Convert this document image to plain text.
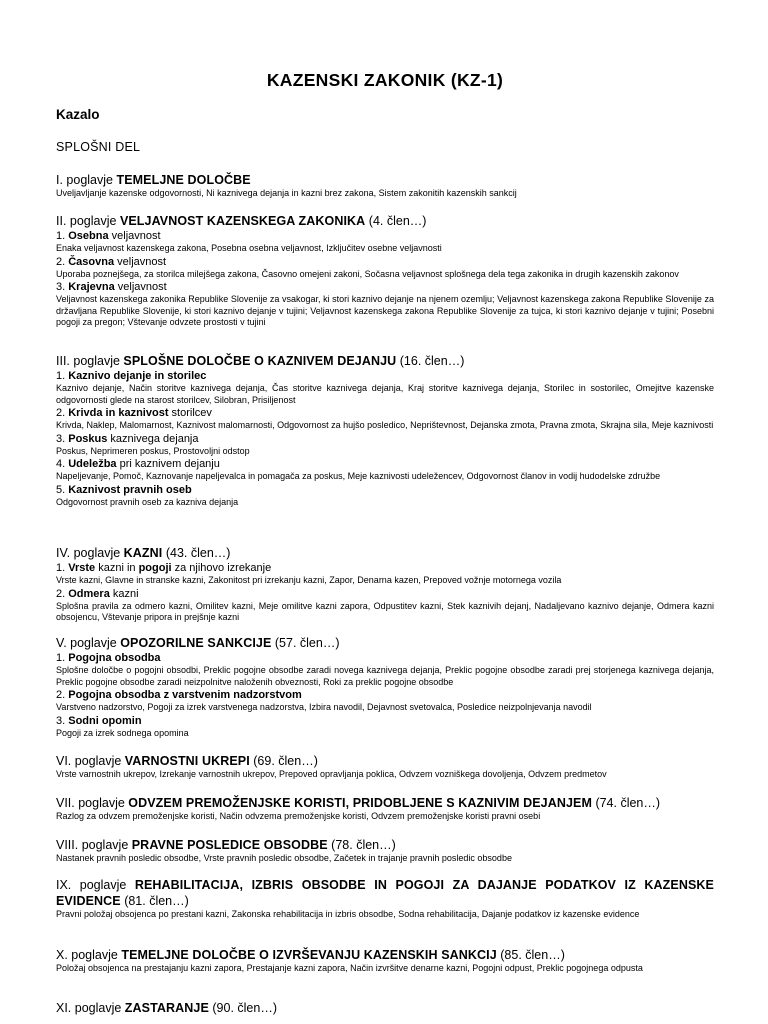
KAZENSKI ZAKONIK (KZ-1)
Kazalo
SPLOŠNI DEL
I. poglavje TEMELJNE DOLOČBE
Uveljavljanje kazenske odgovornosti, Ni kaznivega dejanja in kazni brez zakona, Sistem zakonitih kazenskih sankcij
II. poglavje VELJAVNOST KAZENSKEGA ZAKONIKA (4. člen…)
1. Osebna veljavnost
Enaka veljavnost kazenskega zakona, Posebna osebna veljavnost, Izključitev osebne veljavnosti
2. Časovna veljavnost
Uporaba poznejšega, za storilca milejšega zakona, Časovno omejeni zakoni, Sočasna veljavnost splošnega dela tega zakonika in drugih kazenskih zakonov
3. Krajevna veljavnost
Veljavnost kazenskega zakonika Republike Slovenije za vsakogar, ki stori kaznivo dejanje na njenem ozemlju; Veljavnost kazenskega zakona Republike Slovenije za državljana Republike Slovenije, ki stori kaznivo dejanje v tujini; Veljavnost kazenskega zakona Republike Slovenije za tujca, ki stori kaznivo dejanje v tujini; Posebni pogoji za pregon; Vštevanje odvzete prostosti v tujini
III. poglavje SPLOŠNE DOLOČBE O KAZNIVEM DEJANJU (16. člen…)
1. Kaznivo dejanje in storilec
Kaznivo dejanje, Način storitve kaznivega dejanja, Čas storitve kaznivega dejanja, Kraj storitve kaznivega dejanja, Storilec in sostorilec, Omejitve kazenske odgovornosti glede na starost storilcev, Silobran, Prisiljenost
2. Krivda in kaznivost storilcev
Krivda, Naklep, Malomarnost, Kaznivost malomarnosti, Odgovornost za hujšo posledico, Neprištevnost, Dejanska zmota, Pravna zmota, Skrajna sila, Meje kaznivosti
3. Poskus kaznivega dejanja
Poskus, Neprimeren poskus, Prostovoljni odstop
4. Udeležba pri kaznivem dejanju
Napeljevanje, Pomoč, Kaznovanje napeljevalca in pomagača za poskus, Meje kaznivosti udeležencev, Odgovornost članov in vodij hudodelske združbe
5. Kaznivost pravnih oseb
Odgovornost pravnih oseb za kazniva dejanja
IV. poglavje KAZNI (43. člen…)
1. Vrste kazni in pogoji za njihovo izrekanje
Vrste kazni, Glavne in stranske kazni, Zakonitost pri izrekanju kazni, Zapor, Denarna kazen, Prepoved vožnje motornega vozila
2. Odmera kazni
Splošna pravila za odmero kazni, Omilitev kazni, Meje omilitve kazni zapora, Odpustitev kazni, Stek kaznivih dejanj, Nadaljevano kaznivo dejanje, Odmera kazni obsojencu, Vštevanje pripora in prejšnje kazni
V. poglavje OPOZORILNE SANKCIJE (57. člen…)
1. Pogojna obsodba
Splošne določbe o pogojni obsodbi, Preklic pogojne obsodbe zaradi novega kaznivega dejanja, Preklic pogojne obsodbe zaradi prej storjenega kaznivega dejanja, Preklic pogojne obsodbe zaradi neizpolnitve naloženih obveznosti, Roki za preklic pogojne obsodbe
2. Pogojna obsodba z varstvenim nadzorstvom
Varstveno nadzorstvo, Pogoji za izrek varstvenega nadzorstva, Izbira navodil, Dejavnost svetovalca, Posledice neizpolnjevanja navodil
3. Sodni opomin
Pogoji za izrek sodnega opomina
VI. poglavje VARNOSTNI UKREPI (69. člen…)
Vrste varnostnih ukrepov, Izrekanje varnostnih ukrepov, Prepoved opravljanja poklica, Odvzem vozniškega dovoljenja, Odvzem predmetov
VII. poglavje ODVZEM PREMOŽENJSKE KORISTI, PRIDOBLJENE S KAZNIVIM DEJANJEM (74. člen…)
Razlog za odvzem premoženjske koristi, Način odvzema premoženjske koristi, Odvzem premoženjske koristi pravni osebi
VIII. poglavje PRAVNE POSLEDICE OBSODBE (78. člen…)
Nastanek pravnih posledic obsodbe, Vrste pravnih posledic obsodbe, Začetek in trajanje pravnih posledic obsodbe
IX. poglavje REHABILITACIJA, IZBRIS OBSODBE IN POGOJI ZA DAJANJE PODATKOV IZ KAZENSKE EVIDENCE (81. člen…)
Pravni položaj obsojenca po prestani kazni, Zakonska rehabilitacija in izbris obsodbe, Sodna rehabilitacija, Dajanje podatkov iz kazenske evidence
X. poglavje TEMELJNE DOLOČBE O IZVRŠEVANJU KAZENSKIH SANKCIJ (85. člen…)
Položaj obsojenca na prestajanju kazni zapora, Prestajanje kazni zapora, Način izvršitve denarne kazni, Pogojni odpust, Preklic pogojnega odpusta
XI. poglavje ZASTARANJE (90. člen…)
